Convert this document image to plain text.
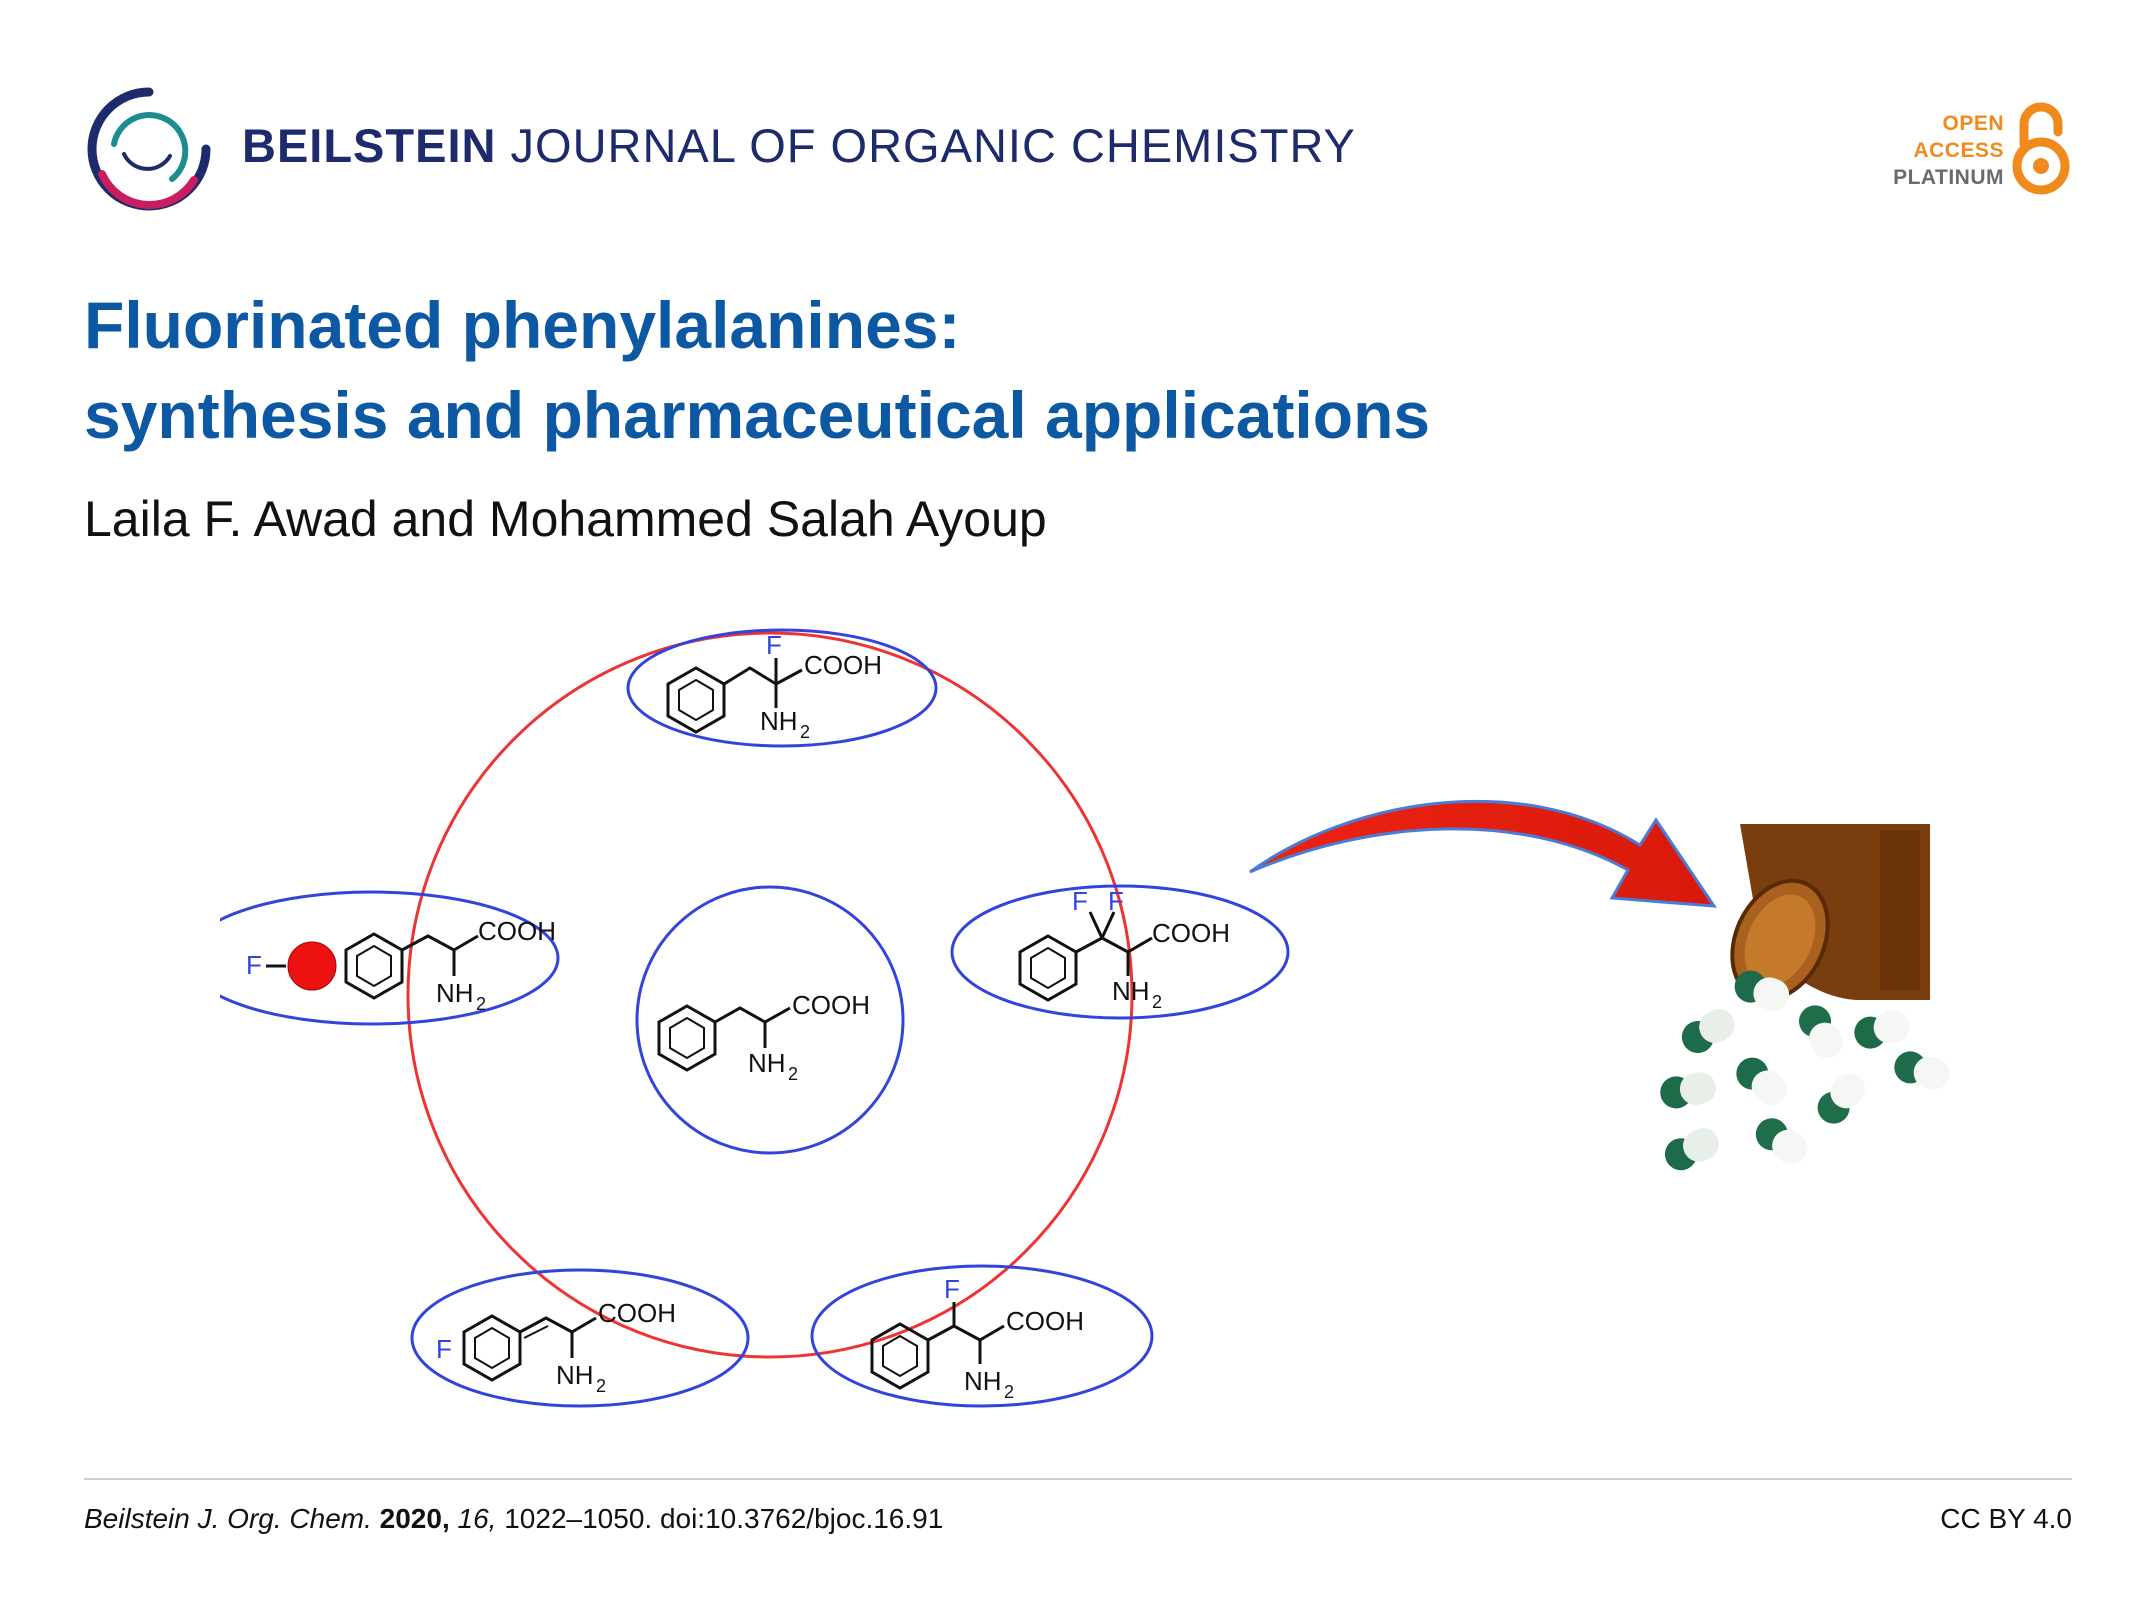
BEILSTEIN JOURNAL OF ORGANIC CHEMISTRY	OPEN
ACCESS
PLATINUM
Fluorinated phenylalanines:
synthesis and pharmaceutical applications
Laila F. Awad and Mohammed Salah Ayoup
COOH
NH 2
F
COOH
NH 2
F
COOH
NH 2
F F
COOH
NH 2
F
COOH
NH 2
F
COOH
NH 2
Beilstein J. Org. Chem. 2020, 16, 1022–1050. doi:10.3762/bjoc.16.91	CC BY 4.0
